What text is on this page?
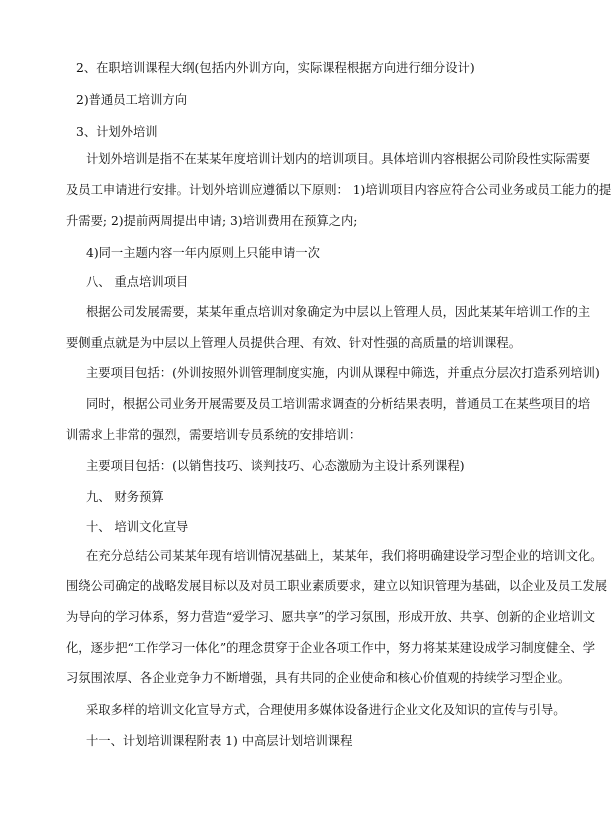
2、在职培训课程大纲(包括内外训方向，实际课程根据方向进行细分设计)
2)普通员工培训方向
3、计划外培训
计划外培训是指不在某某年度培训计划内的培训项目。具体培训内容根据公司阶段性实际需要
及员工申请进行安排。计划外培训应遵循以下原则： 1)培训项目内容应符合公司业务或员工能力的提
升需要; 2)提前两周提出申请; 3)培训费用在预算之内;
4)同一主题内容一年内原则上只能申请一次
八、 重点培训项目
根据公司发展需要，某某年重点培训对象确定为中层以上管理人员，因此某某年培训工作的主
要侧重点就是为中层以上管理人员提供合理、有效、针对性强的高质量的培训课程。
主要项目包括：(外训按照外训管理制度实施，内训从课程中筛选，并重点分层次打造系列培训)
同时，根据公司业务开展需要及员工培训需求调查的分析结果表明，普通员工在某些项目的培
训需求上非常的强烈，需要培训专员系统的安排培训：
主要项目包括：(以销售技巧、谈判技巧、心态激励为主设计系列课程)
九、 财务预算
十、 培训文化宣导
在充分总结公司某某年现有培训情况基础上，某某年，我们将明确建设学习型企业的培训文化。
围绕公司确定的战略发展目标以及对员工职业素质要求，建立以知识管理为基础，以企业及员工发展
为导向的学习体系，努力营造“爱学习、愿共享”的学习氛围，形成开放、共享、创新的企业培训文
化，逐步把“工作学习一体化”的理念贯穿于企业各项工作中，努力将某某建设成学习制度健全、学
习氛围浓厚、各企业竞争力不断增强，具有共同的企业使命和核心价值观的持续学习型企业。
采取多样的培训文化宣导方式，合理使用多媒体设备进行企业文化及知识的宣传与引导。
十一、计划培训课程附表 1) 中高层计划培训课程
